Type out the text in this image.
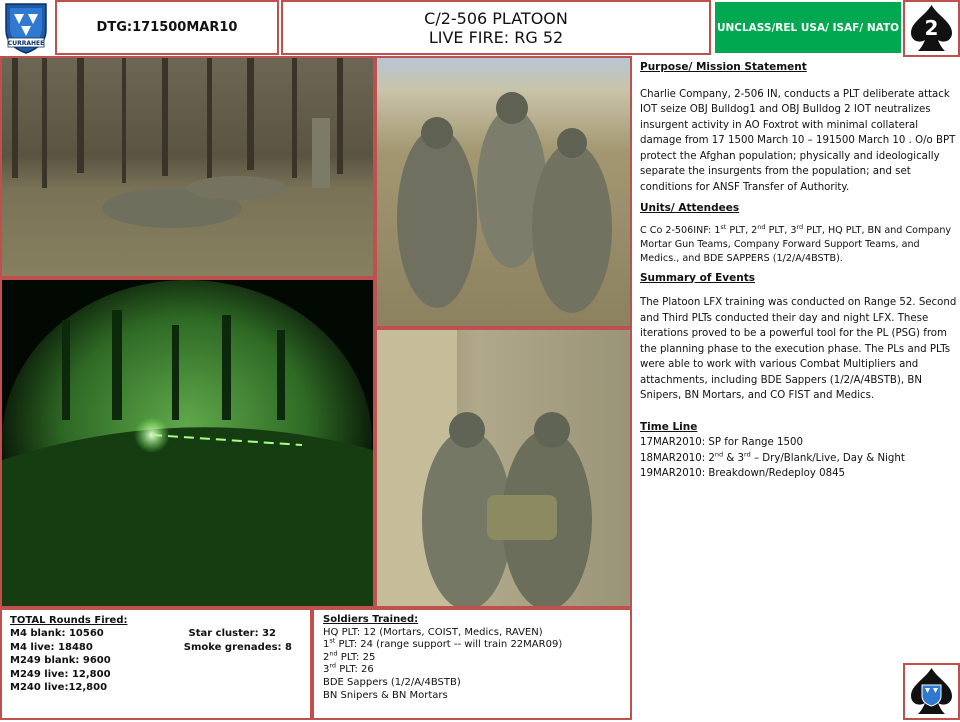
CURRAHEE
DTG:171500MAR10	C/2-506 PLATOON
LIVE FIRE: RG 52	UNCLASS/REL USA/ ISAF/ NATO 2

Purpose/ Mission Statement

Charlie Company, 2-506 IN, conducts a PLT deliberate attack IOT seize OBJ Bulldog1 and OBJ Bulldog 2 IOT neutralizes insurgent activity in AO Foxtrot with minimal collateral damage from 17 1500 March 10 – 191500 March 10 . O/o BPT protect the Afghan population; physically and ideologically separate the insurgents from the population; and set conditions for ANSF Transfer of Authority.

Units/ Attendees

C Co 2-506INF: 1st PLT, 2nd PLT, 3rd PLT, HQ PLT, BN and Company Mortar Gun Teams, Company Forward Support Teams, and Medics., and BDE SAPPERS (1/2/A/4BSTB).

Summary of Events

The Platoon LFX training was conducted on Range 52. Second and Third PLTs conducted their day and night LFX. These iterations proved to be a powerful tool for the PL (PSG) from the planning phase to the execution phase. The PLs and PLTs were able to work with various Combat Multipliers and attachments, including BDE Sappers (1/2/A/4BSTB), BN Snipers, BN Mortars, and CO FIST and Medics.

Time Line

17MAR2010: SP for Range 1500

18MAR2010: 2nd & 3rd – Dry/Blank/Live, Day & Night

19MAR2010: Breakdown/Redeploy 0845

TOTAL Rounds Fired:
M4 blank: 10560	Star cluster: 32
M4 live: 18480	Smoke grenades: 8
M249 blank: 9600
M249 live: 12,800
M240 live:12,800
Soldiers Trained:
HQ PLT: 12 (Mortars, COIST, Medics, RAVEN)
1st PLT: 24 (range support -- will train 22MAR09)
2nd PLT: 25
3rd PLT: 26
BDE Sappers (1/2/A/4BSTB)
BN Snipers & BN Mortars
